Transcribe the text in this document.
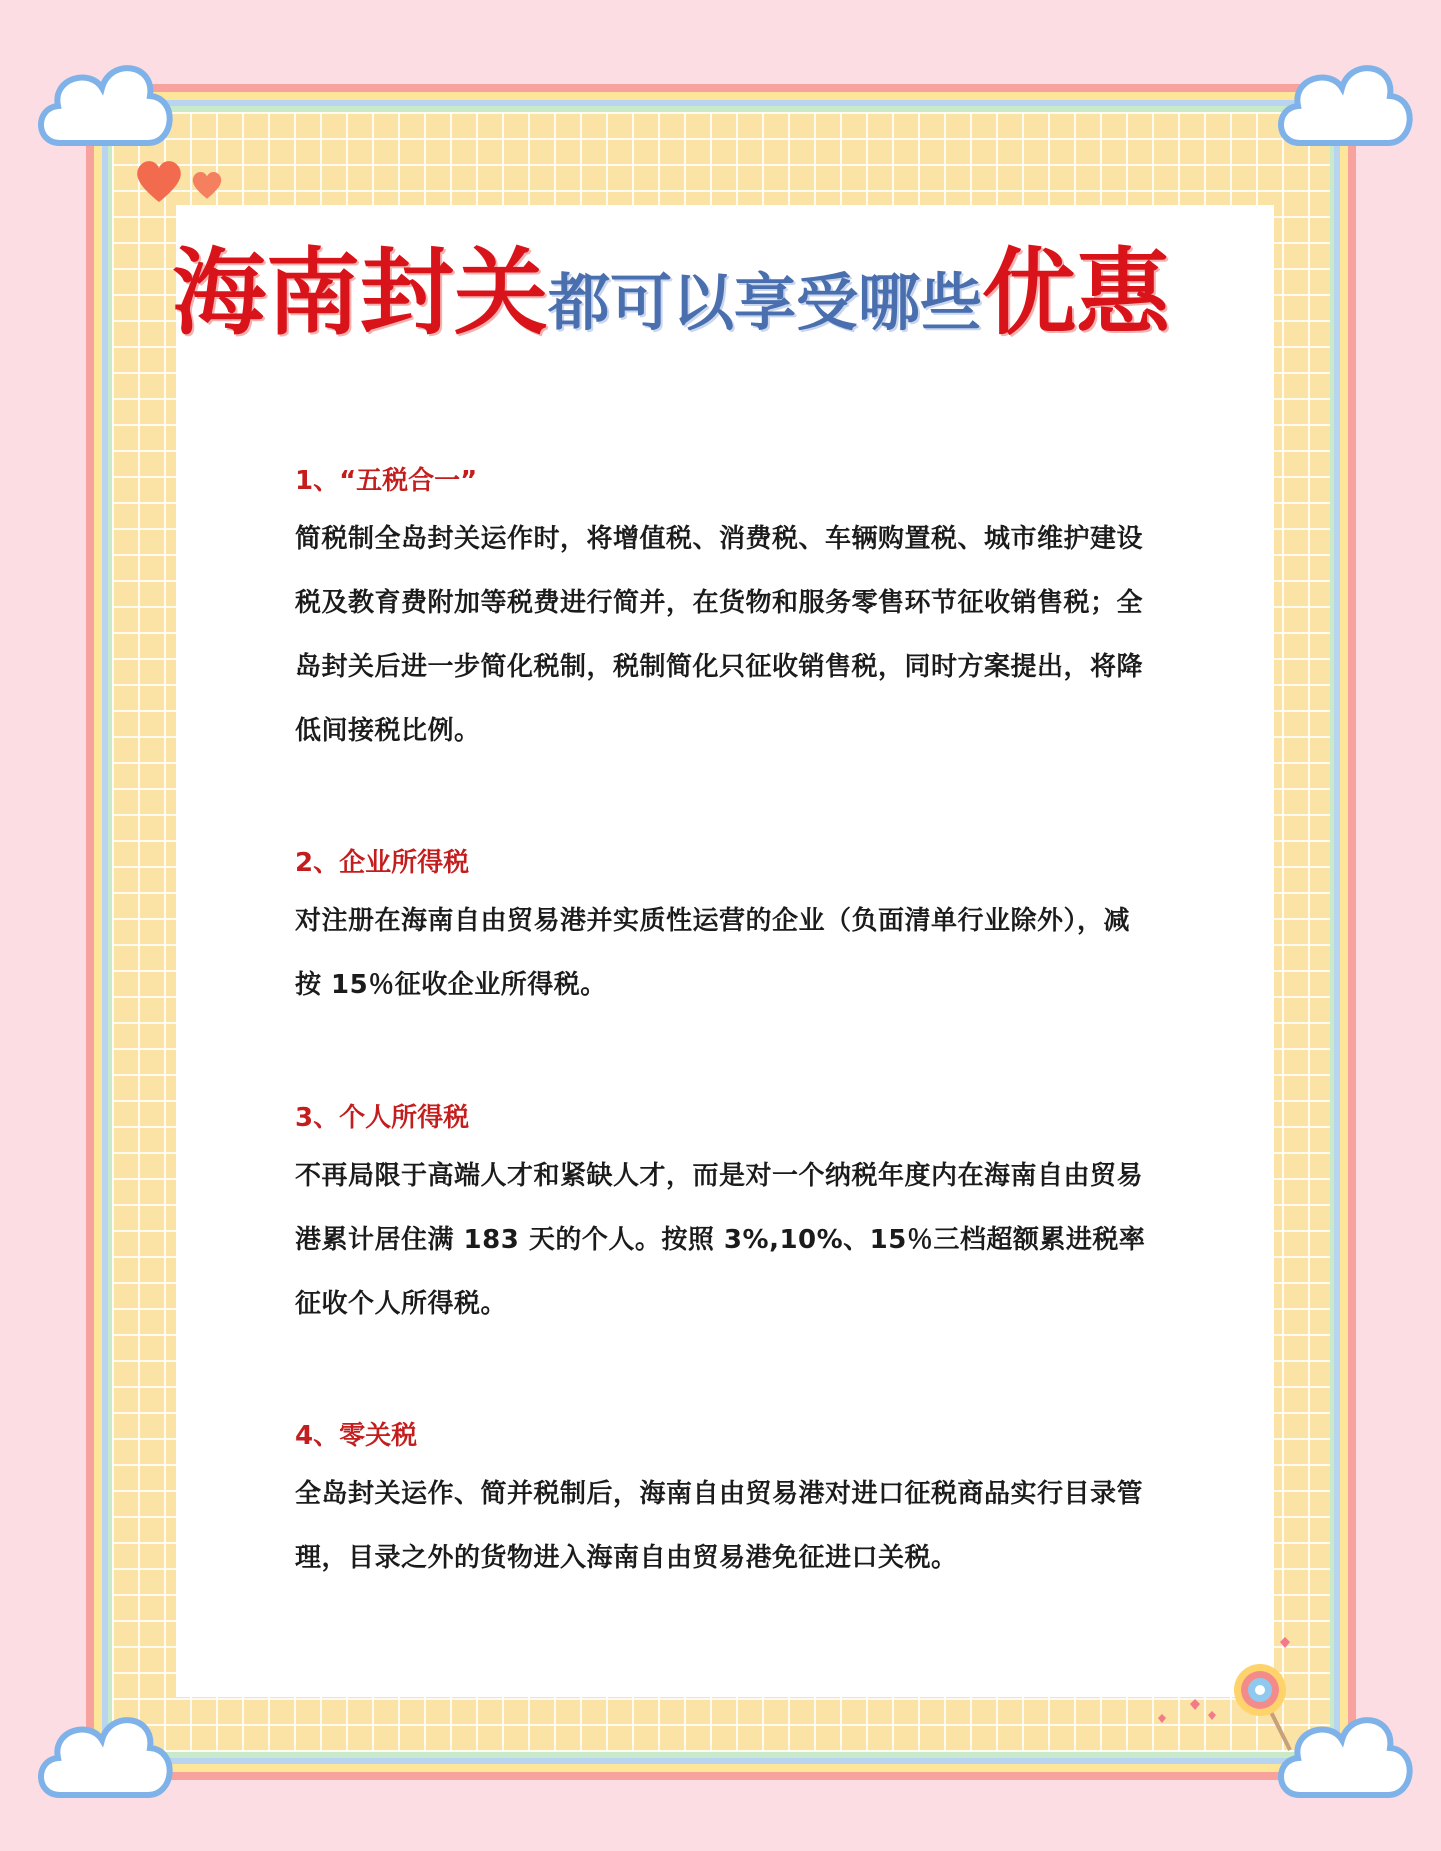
海南封关 都可以享受哪些 优惠

1、“五税合一”

简税制全岛封关运作时，将增值税、消费税、车辆购置税、城市维护建设税及教育费附加等税费进行简并，在货物和服务零售环节征收销售税；全岛封关后进一步简化税制，税制简化只征收销售税，同时方案提出，将降低间接税比例。

2、企业所得税

对注册在海南自由贸易港并实质性运营的企业（负面清单行业除外），减按 15％征收企业所得税。

3、个人所得税

不再局限于高端人才和紧缺人才，而是对一个纳税年度内在海南自由贸易港累计居住满 183 天的个人。按照 3%,10%、15％三档超额累进税率征收个人所得税。

4、零关税

全岛封关运作、简并税制后，海南自由贸易港对进口征税商品实行目录管理，目录之外的货物进入海南自由贸易港免征进口关税。
